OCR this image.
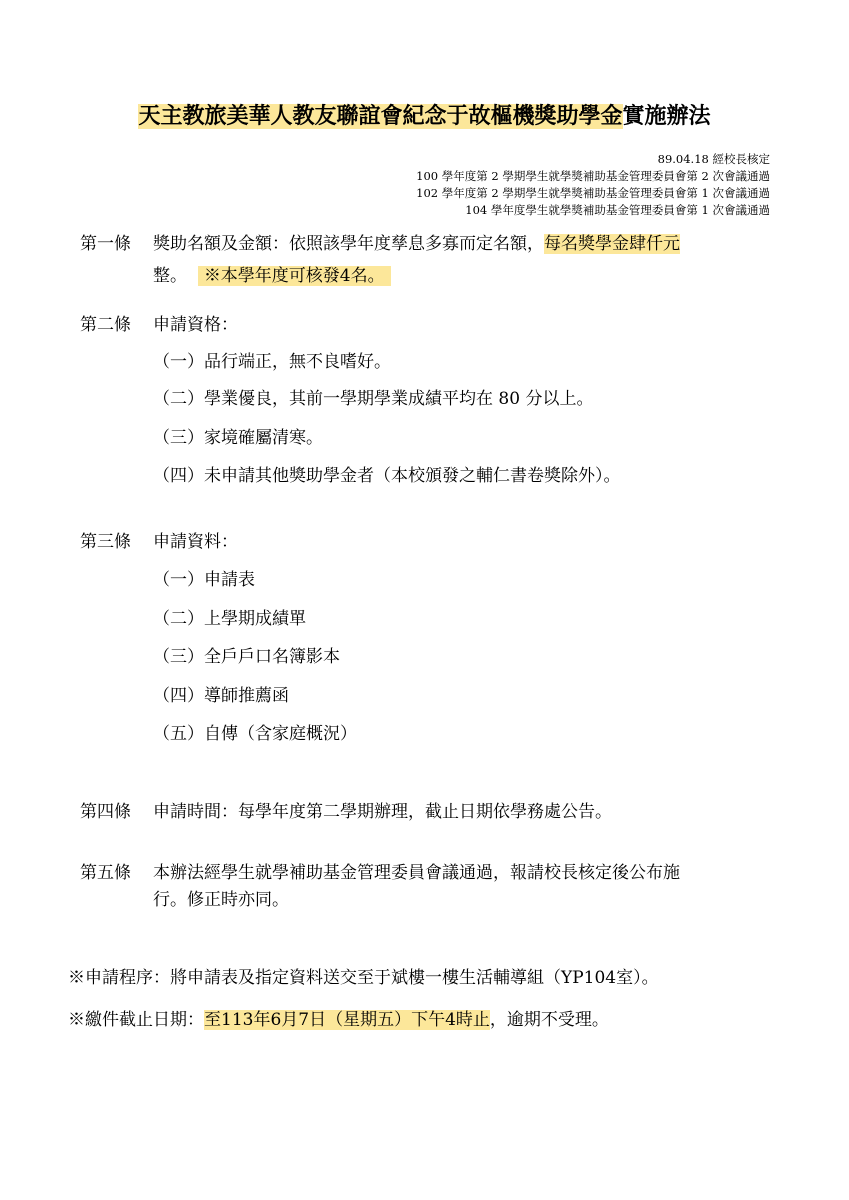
天主教旅美華人教友聯誼會紀念于故樞機獎助學金實施辦法
89.04.18 經校長核定
100 學年度第 2 學期學生就學獎補助基金管理委員會第 2 次會議通過
102 學年度第 2 學期學生就學獎補助基金管理委員會第 1 次會議通過
104 學年度學生就學獎補助基金管理委員會第 1 次會議通過
第一條 獎助名額及金額：依照該學年度孳息多寡而定名額，每名獎學金肆仟元
整。 ※本學年度可核發4名。
第二條 申請資格：
（一）品行端正，無不良嗜好。
（二）學業優良，其前一學期學業成績平均在 80 分以上。
（三）家境確屬清寒。
（四）未申請其他獎助學金者（本校頒發之輔仁書卷獎除外）。
第三條 申請資料：
（一）申請表
（二）上學期成績單
（三）全戶戶口名簿影本
（四）導師推薦函
（五）自傳（含家庭概況）
第四條 申請時間：每學年度第二學期辦理，截止日期依學務處公告。
第五條 本辦法經學生就學補助基金管理委員會議通過，報請校長核定後公布施
行。修正時亦同。
※申請程序：將申請表及指定資料送交至于斌樓一樓生活輔導組（YP104室）。
※繳件截止日期：至113年6月7日（星期五）下午4時止，逾期不受理。
